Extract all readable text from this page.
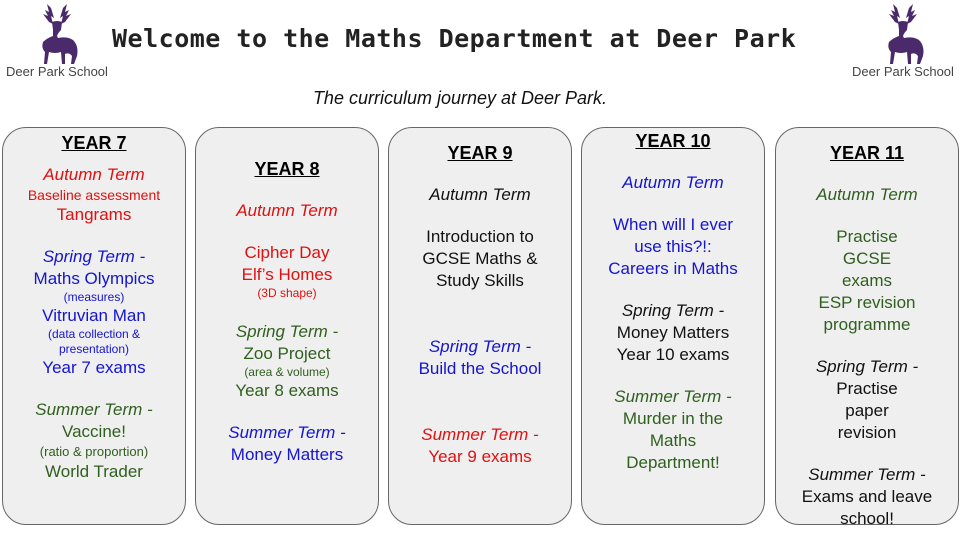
Deer Park School	Deer Park School
Welcome to the Maths Department at Deer Park
The curriculum journey at Deer Park.
YEAR 7
Autumn Term
Baseline assessment
Tangrams
Spring Term -
Maths Olympics
(measures)
Vitruvian Man
(data collection & presentation)
Year 7 exams
Summer Term -
Vaccine!
(ratio & proportion)
World Trader
YEAR 8
Autumn Term
Cipher Day
Elf’s Homes
(3D shape)
Spring Term -
Zoo Project
(area & volume)
Year 8 exams
Summer Term -
Money Matters
YEAR 9
Autumn Term
Introduction to GCSE Maths & Study Skills
Spring Term -
Build the School
Summer Term -
Year 9 exams
YEAR 10
Autumn Term
When will I ever use this?!: Careers in Maths
Spring Term -
Money Matters
Year 10 exams
Summer Term -
Murder in the Maths Department!
YEAR 11
Autumn Term
Practise GCSE exams
ESP revision programme
Spring Term -
Practise paper revision
Summer Term -
Exams and leave school!
